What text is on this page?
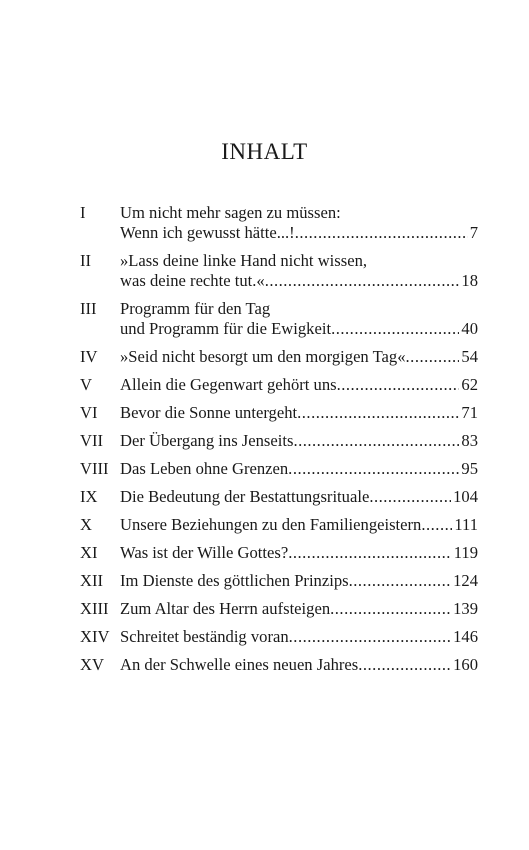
INHALT
I	Um nicht mehr sagen zu müssen:
Wenn ich gewusst hätte...! .....	7
II	»Lass deine linke Hand nicht wissen,
was deine rechte tut.« .....	18
III	Programm für den Tag
und Programm für die Ewigkeit .....	40
IV	»Seid nicht besorgt um den morgigen Tag« .....	54
V	Allein die Gegenwart gehört uns .....	62
VI	Bevor die Sonne untergeht .....	71
VII	Der Übergang ins Jenseits .....	83
VIII Das Leben ohne Grenzen .....	95
IX	Die Bedeutung der Bestattungsrituale .....	104
X	Unsere Beziehungen zu den Familiengeistern ..... 111
XI	Was ist der Wille Gottes? .....	119
XII	Im Dienste des göttlichen Prinzips .....	124
XIII Zum Altar des Herrn aufsteigen .....	139
XIV Schreitet beständig voran .....	146
XV An der Schwelle eines neuen Jahres .....	160
